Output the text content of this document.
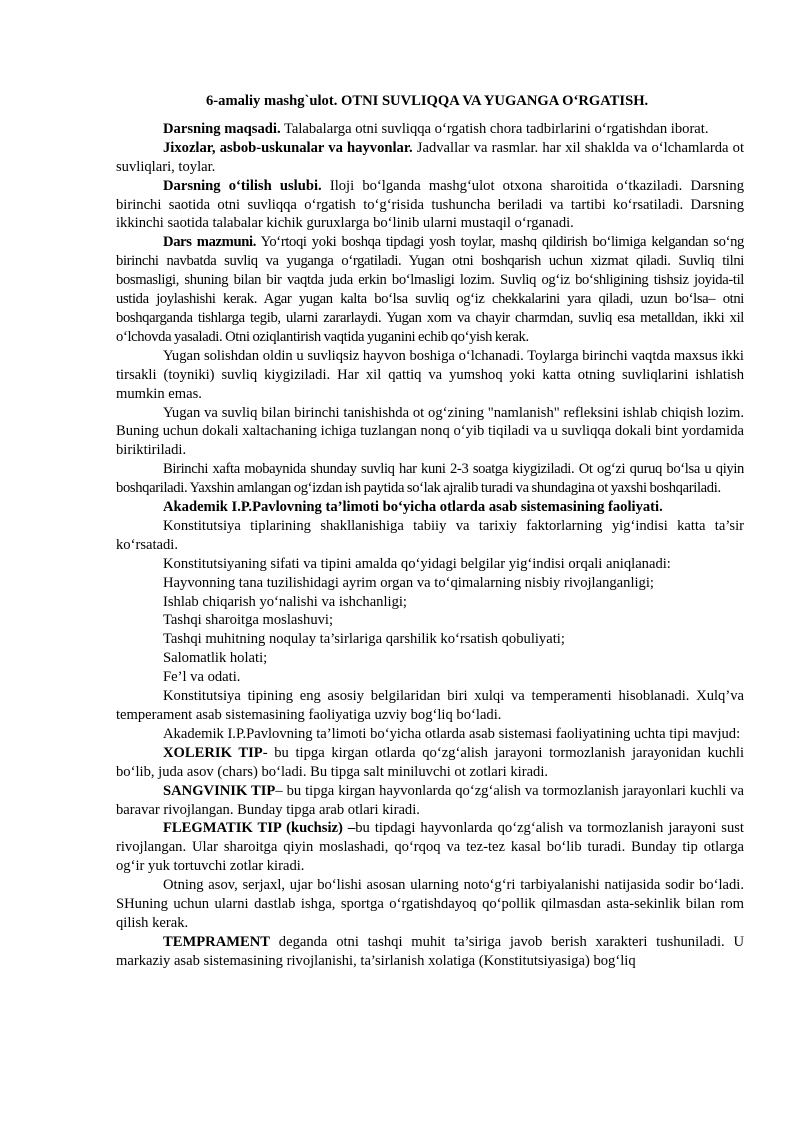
6-amaliy mashg`ulot. OTNI SUVLIQQA VA YUGANGA O‘RGATISH.

Darsning maqsadi. Talabalarga otni suvliqqa o‘rgatish chora tadbirlarini o‘rgatishdan iborat.

Jixozlar, asbob-uskunalar va hayvonlar. Jadvallar va rasmlar. har xil shaklda va o‘lchamlarda ot suvliqlari, toylar.

Darsning o‘tilish uslubi. Iloji bo‘lganda mashg‘ulot otxona sharoitida o‘tkaziladi. Darsning birinchi saotida otni suvliqqa o‘rgatish to‘g‘risida tushuncha beriladi va tartibi ko‘rsatiladi. Darsning ikkinchi saotida talabalar kichik guruxlarga bo‘linib ularni mustaqil o‘rganadi.

Dars mazmuni. Yo‘rtoqi yoki boshqa tipdagi yosh toylar, mashq qildirish bo‘limiga kelgandan so‘ng birinchi navbatda suvliq va yuganga o‘rgatiladi. Yugan otni boshqarish uchun xizmat qiladi. Suvliq tilni bosmasligi, shuning bilan bir vaqtda juda erkin bo‘lmasligi lozim. Suvliq og‘iz bo‘shligining tishsiz joyida-til ustida joylashishi kerak. Agar yugan kalta bo‘lsa suvliq og‘iz chekkalarini yara qiladi, uzun bo‘lsa– otni boshqarganda tishlarga tegib, ularni zararlaydi. Yugan xom va chayir charmdan, suvliq esa metalldan, ikki xil o‘lchovda yasaladi. Otni oziqlantirish vaqtida yuganini echib qo‘yish kerak.

Yugan solishdan oldin u suvliqsiz hayvon boshiga o‘lchanadi. Toylarga birinchi vaqtda maxsus ikki tirsakli (toyniki) suvliq kiygiziladi. Har xil qattiq va yumshoq yoki katta otning suvliqlarini ishlatish mumkin emas.

Yugan va suvliq bilan birinchi tanishishda ot og‘zining "namlanish" refleksini ishlab chiqish lozim. Buning uchun dokali xaltachaning ichiga tuzlangan nonq o‘yib tiqiladi va u suvliqqa dokali bint yordamida biriktiriladi.

Birinchi xafta mobaynida shunday suvliq har kuni 2-3 soatga kiygiziladi. Ot og‘zi quruq bo‘lsa u qiyin boshqariladi. Yaxshin amlangan og‘izdan ish paytida so‘lak ajralib turadi va shundagina ot yaxshi boshqariladi.

Akademik I.P.Pavlovning ta’limoti bo‘yicha otlarda asab sistemasining faoliyati.

Konstitutsiya tiplarining shakllanishiga tabiiy va tarixiy faktorlarning yig‘indisi katta ta’sir ko‘rsatadi.

Konstitutsiyaning sifati va tipini amalda qo‘yidagi belgilar yig‘indisi orqali aniqlanadi:

Hayvonning tana tuzilishidagi ayrim organ va to‘qimalarning nisbiy rivojlanganligi;

Ishlab chiqarish yo‘nalishi va ishchanligi;

Tashqi sharoitga moslashuvi;

Tashqi muhitning noqulay ta’sirlariga qarshilik ko‘rsatish qobuliyati;

Salomatlik holati;

Fe’l va odati.

Konstitutsiya tipining eng asosiy belgilaridan biri xulqi va temperamenti hisoblanadi. Xulq’va temperament asab sistemasining faoliyatiga uzviy bog‘liq bo‘ladi.

Akademik I.P.Pavlovning ta’limoti bo‘yicha otlarda asab sistemasi faoliyatining uchta tipi mavjud:

XOLERIK TIP- bu tipga kirgan otlarda qo‘zg‘alish jarayoni tormozlanish jarayonidan kuchli bo‘lib, juda asov (chars) bo‘ladi. Bu tipga salt miniluvchi ot zotlari kiradi.

SANGVINIK TIP– bu tipga kirgan hayvonlarda qo‘zg‘alish va tormozlanish jarayonlari kuchli va baravar rivojlangan. Bunday tipga arab otlari kiradi.

FLEGMATIK TIP (kuchsiz) –bu tipdagi hayvonlarda qo‘zg‘alish va tormozlanish jarayoni sust rivojlangan. Ular sharoitga qiyin moslashadi, qo‘rqoq va tez-tez kasal bo‘lib turadi. Bunday tip otlarga og‘ir yuk tortuvchi zotlar kiradi.

Otning asov, serjaxl, ujar bo‘lishi asosan ularning noto‘g‘ri tarbiyalanishi natijasida sodir bo‘ladi. SHuning uchun ularni dastlab ishga, sportga o‘rgatishdayoq qo‘pollik qilmasdan asta-sekinlik bilan rom qilish kerak.

TEMPRAMENT deganda otni tashqi muhit ta’siriga javob berish xarakteri tushuniladi. U markaziy asab sistemasining rivojlanishi, ta’sirlanish xolatiga (Konstitutsiyasiga) bog‘liq
